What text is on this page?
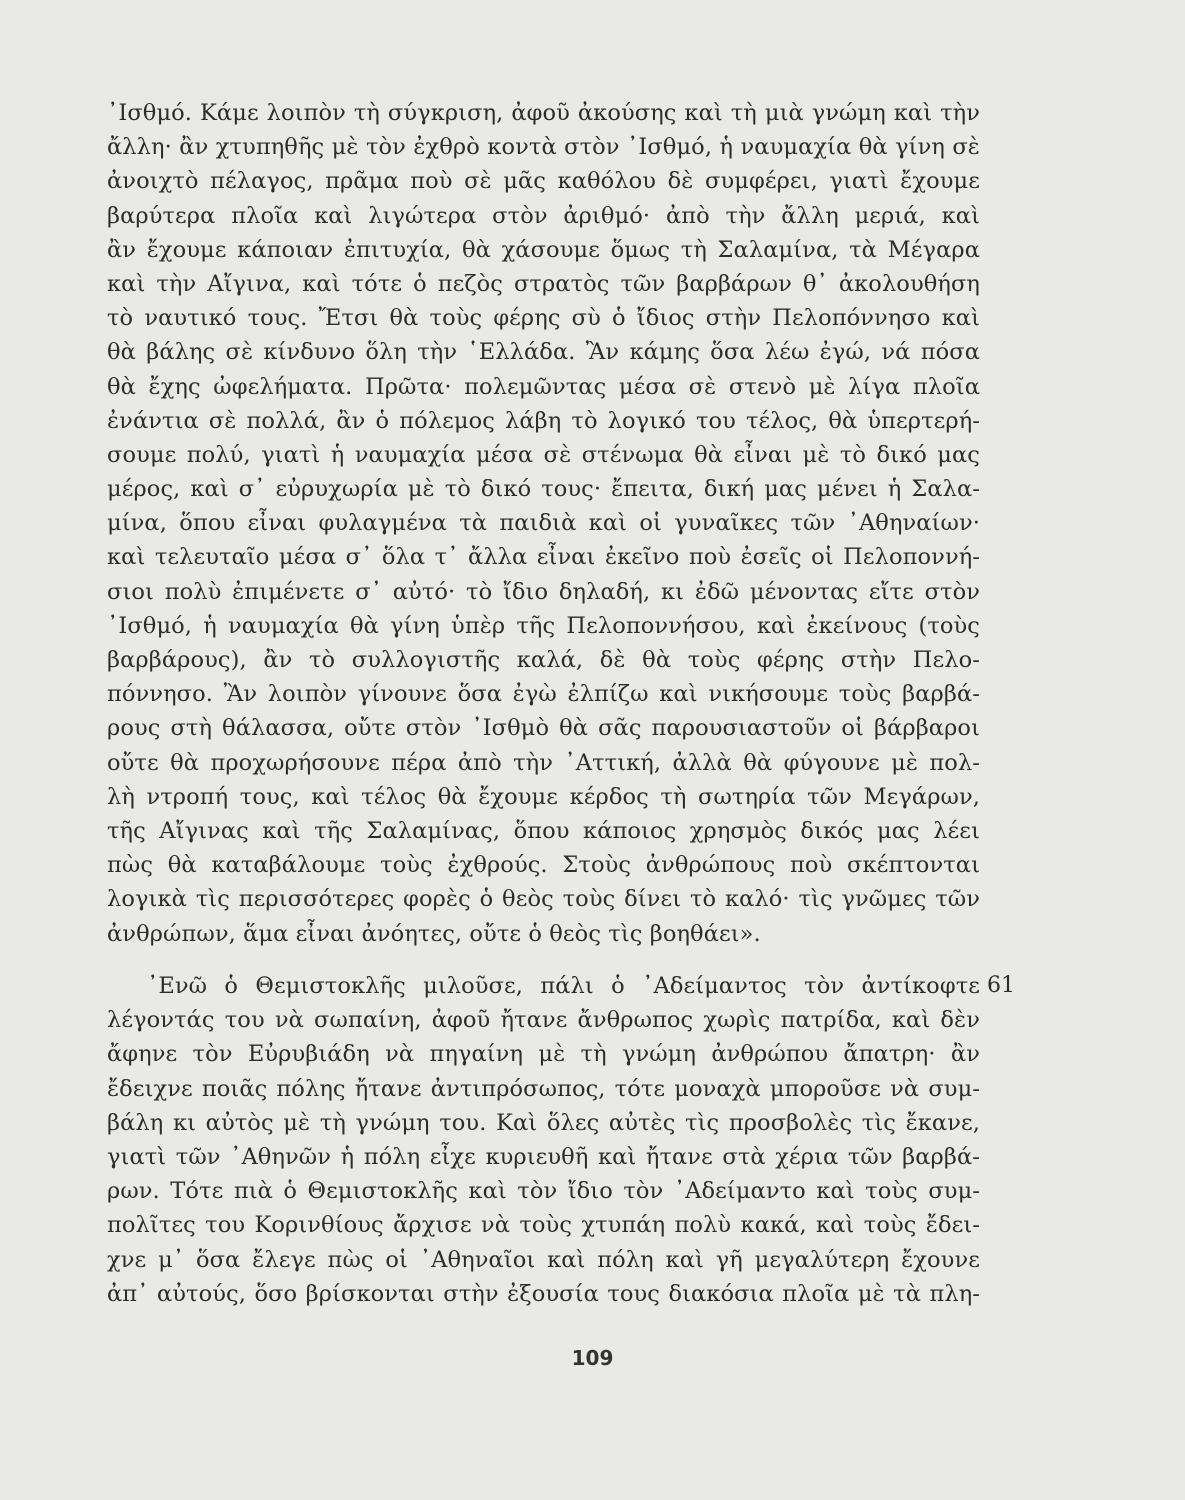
᾿Ισθμό. Κάμε λοιπὸν τὴ σύγκριση, ἀφοῦ ἀκούσης καὶ τὴ μιὰ γνώμη καὶ τὴν
ἄλλη· ἂν χτυπηθῆς μὲ τὸν ἐχθρὸ κοντὰ στὸν ᾿Ισθμό, ἡ ναυμαχία θὰ γίνη σὲ
ἀνοιχτὸ πέλαγος, πρᾶμα ποὺ σὲ μᾶς καθόλου δὲ συμφέρει, γιατὶ ἔχουμε
βαρύτερα πλοῖα καὶ λιγώτερα στὸν ἀριθμό· ἀπὸ τὴν ἄλλη μεριά, καὶ
ἂν ἔχουμε κάποιαν ἐπιτυχία, θὰ χάσουμε ὅμως τὴ Σαλαμίνα, τὰ Μέγαρα
καὶ τὴν Αἴγινα, καὶ τότε ὁ πεζὸς στρατὸς τῶν βαρβάρων θ᾿ ἀκολουθήση
τὸ ναυτικό τους. Ἔτσι θὰ τοὺς φέρης σὺ ὁ ἴδιος στὴν Πελοπόννησο καὶ
θὰ βάλης σὲ κίνδυνο ὅλη τὴν ῾Ελλάδα. Ἂν κάμης ὅσα λέω ἐγώ, νά πόσα
θὰ ἔχης ὠφελήματα. Πρῶτα· πολεμῶντας μέσα σὲ στενὸ μὲ λίγα πλοῖα
ἐνάντια σὲ πολλά, ἂν ὁ πόλεμος λάβη τὸ λογικό του τέλος, θὰ ὑπερτερή-
σουμε πολύ, γιατὶ ἡ ναυμαχία μέσα σὲ στένωμα θὰ εἶναι μὲ τὸ δικό μας
μέρος, καὶ σ᾿ εὐρυχωρία μὲ τὸ δικό τους· ἔπειτα, δική μας μένει ἡ Σαλα-
μίνα, ὅπου εἶναι φυλαγμένα τὰ παιδιὰ καὶ οἱ γυναῖκες τῶν ᾿Αθηναίων·
καὶ τελευταῖο μέσα σ᾿ ὅλα τ᾿ ἄλλα εἶναι ἐκεῖνο ποὺ ἐσεῖς οἱ Πελοποννή-
σιοι πολὺ ἐπιμένετε σ᾿ αὐτό· τὸ ἴδιο δηλαδή, κι ἐδῶ μένοντας εἴτε στὸν
᾿Ισθμό, ἡ ναυμαχία θὰ γίνη ὑπὲρ τῆς Πελοποννήσου, καὶ ἐκείνους (τοὺς
βαρβάρους), ἂν τὸ συλλογιστῆς καλά, δὲ θὰ τοὺς φέρης στὴν Πελο-
πόννησο. Ἂν λοιπὸν γίνουνε ὅσα ἐγὼ ἐλπίζω καὶ νικήσουμε τοὺς βαρβά-
ρους στὴ θάλασσα, οὔτε στὸν ᾿Ισθμὸ θὰ σᾶς παρουσιαστοῦν οἱ βάρβαροι
οὔτε θὰ προχωρήσουνε πέρα ἀπὸ τὴν ᾿Αττική, ἀλλὰ θὰ φύγουνε μὲ πολ-
λὴ ντροπή τους, καὶ τέλος θὰ ἔχουμε κέρδος τὴ σωτηρία τῶν Μεγάρων,
τῆς Αἴγινας καὶ τῆς Σαλαμίνας, ὅπου κάποιος χρησμὸς δικός μας λέει
πὼς θὰ καταβάλουμε τοὺς ἐχθρούς. Στοὺς ἀνθρώπους ποὺ σκέπτονται
λογικὰ τὶς περισσότερες φορὲς ὁ θεὸς τοὺς δίνει τὸ καλό· τὶς γνῶμες τῶν
ἀνθρώπων, ἅμα εἶναι ἀνόητες, οὔτε ὁ θεὸς τὶς βοηθάει».
᾿Ενῶ ὁ Θεμιστοκλῆς μιλοῦσε, πάλι ὁ ᾿Αδείμαντος τὸν ἀντίκοφτε
λέγοντάς του νὰ σωπαίνη, ἀφοῦ ἤτανε ἄνθρωπος χωρὶς πατρίδα, καὶ δὲν
ἄφηνε τὸν Εὐρυβιάδη νὰ πηγαίνη μὲ τὴ γνώμη ἀνθρώπου ἄπατρη· ἂν
ἔδειχνε ποιᾶς πόλης ἤτανε ἀντιπρόσωπος, τότε μοναχὰ μποροῦσε νὰ συμ-
βάλη κι αὐτὸς μὲ τὴ γνώμη του. Καὶ ὅλες αὐτὲς τὶς προσβολὲς τὶς ἔκανε,
γιατὶ τῶν ᾿Αθηνῶν ἡ πόλη εἶχε κυριευθῆ καὶ ἤτανε στὰ χέρια τῶν βαρβά-
ρων. Τότε πιὰ ὁ Θεμιστοκλῆς καὶ τὸν ἴδιο τὸν ᾿Αδείμαντο καὶ τοὺς συμ-
πολῖτες του Κορινθίους ἄρχισε νὰ τοὺς χτυπάη πολὺ κακά, καὶ τοὺς ἔδει-
χνε μ᾿ ὅσα ἔλεγε πὼς οἱ ᾿Αθηναῖοι καὶ πόλη καὶ γῆ μεγαλύτερη ἔχουνε
ἀπ᾿ αὐτούς, ὅσο βρίσκονται στὴν ἐξουσία τους διακόσια πλοῖα μὲ τὰ πλη-
61
109
